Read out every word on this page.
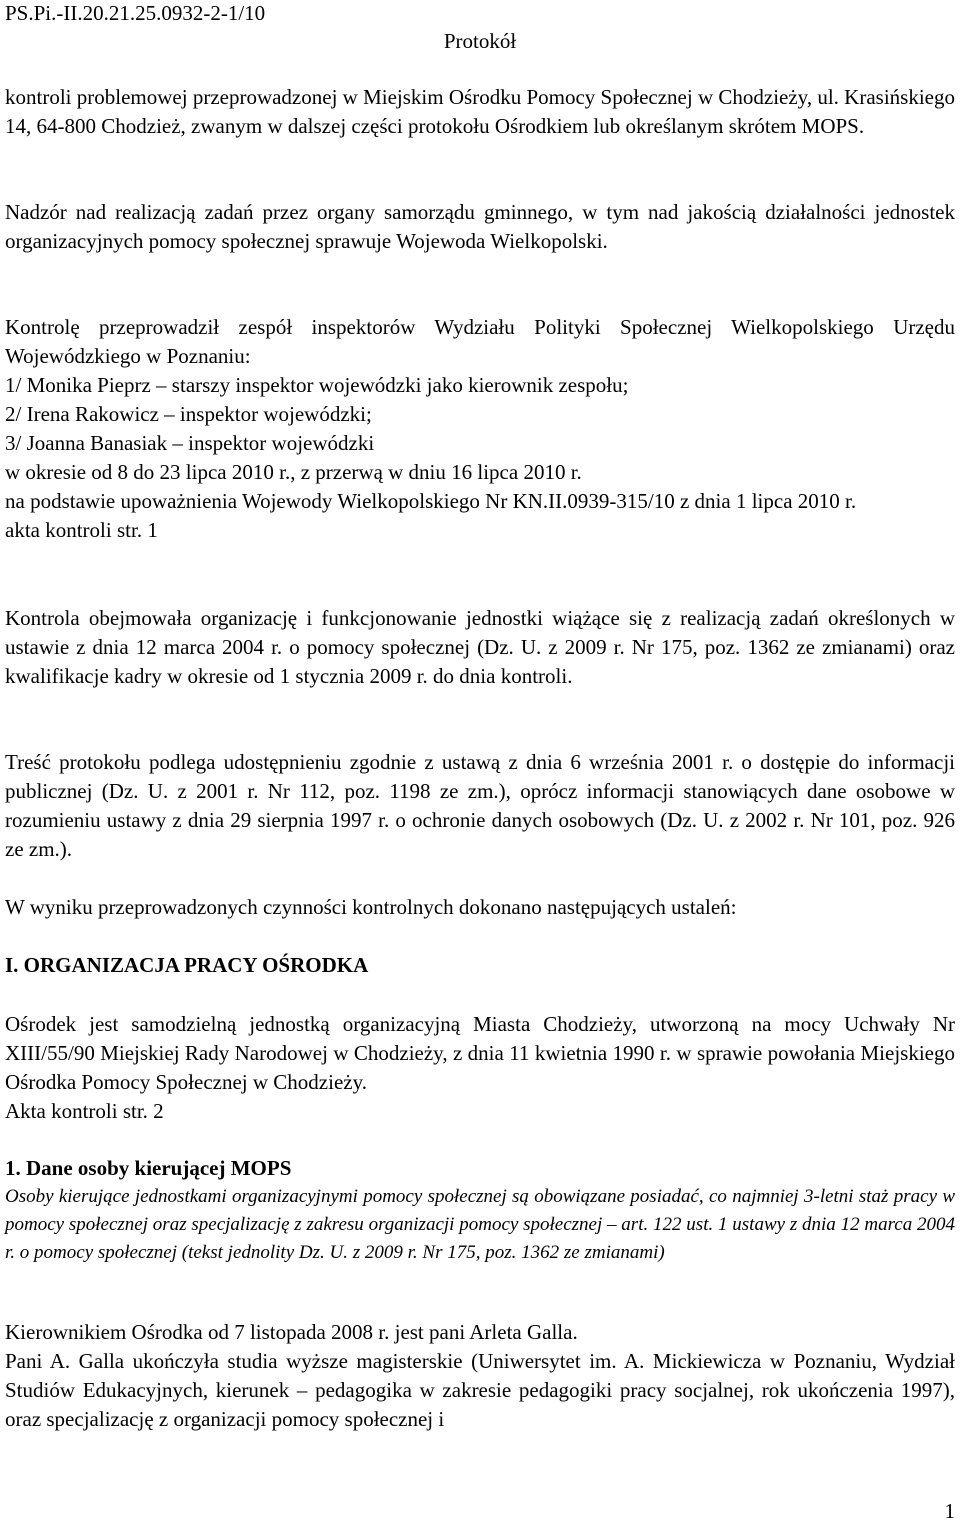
PS.Pi.-II.20.21.25.0932-2-1/10
Protokół
kontroli problemowej przeprowadzonej w Miejskim Ośrodku Pomocy Społecznej w Chodzieży, ul. Krasińskiego 14, 64-800 Chodzież, zwanym w dalszej części protokołu Ośrodkiem lub określanym skrótem MOPS.
Nadzór nad realizacją zadań przez organy samorządu gminnego, w tym nad jakością działalności jednostek organizacyjnych pomocy społecznej sprawuje Wojewoda Wielkopolski.
Kontrolę przeprowadził zespół inspektorów Wydziału Polityki Społecznej Wielkopolskiego Urzędu Wojewódzkiego w Poznaniu:
1/ Monika Pieprz – starszy inspektor wojewódzki jako kierownik zespołu;
2/ Irena Rakowicz – inspektor wojewódzki;
3/ Joanna Banasiak – inspektor wojewódzki
w okresie od 8 do 23 lipca 2010 r., z przerwą w dniu 16 lipca 2010 r.
na podstawie upoważnienia Wojewody Wielkopolskiego Nr KN.II.0939-315/10 z dnia 1 lipca 2010 r.
akta kontroli str. 1
Kontrola obejmowała organizację i funkcjonowanie jednostki wiążące się z realizacją zadań określonych w ustawie z dnia 12 marca 2004 r. o pomocy społecznej (Dz. U. z 2009 r. Nr 175, poz. 1362 ze zmianami) oraz kwalifikacje kadry w okresie od 1 stycznia 2009 r. do dnia kontroli.
Treść protokołu podlega udostępnieniu zgodnie z ustawą z dnia 6 września 2001 r. o dostępie do informacji publicznej (Dz. U. z 2001 r. Nr 112, poz. 1198 ze zm.), oprócz informacji stanowiących dane osobowe w rozumieniu ustawy z dnia 29 sierpnia 1997 r. o ochronie danych osobowych (Dz. U. z 2002 r. Nr 101, poz. 926 ze zm.).
W wyniku przeprowadzonych czynności kontrolnych dokonano następujących ustaleń:
I. ORGANIZACJA PRACY OŚRODKA
Ośrodek jest samodzielną jednostką organizacyjną Miasta Chodzieży, utworzoną na mocy Uchwały Nr XIII/55/90 Miejskiej Rady Narodowej w Chodzieży, z dnia 11 kwietnia 1990 r. w sprawie powołania Miejskiego Ośrodka Pomocy Społecznej w Chodzieży.
Akta kontroli str. 2
1. Dane osoby kierującej MOPS
Osoby kierujące jednostkami organizacyjnymi pomocy społecznej są obowiązane posiadać, co najmniej 3-letni staż pracy w pomocy społecznej oraz specjalizację z zakresu organizacji pomocy społecznej – art. 122 ust. 1 ustawy z dnia 12 marca 2004 r. o pomocy społecznej (tekst jednolity Dz. U. z 2009 r. Nr 175, poz. 1362 ze zmianami)
Kierownikiem Ośrodka od 7 listopada 2008 r. jest pani Arleta Galla.
Pani A. Galla ukończyła studia wyższe magisterskie (Uniwersytet im. A. Mickiewicza w Poznaniu, Wydział Studiów Edukacyjnych, kierunek – pedagogika w zakresie pedagogiki pracy socjalnej, rok ukończenia 1997), oraz specjalizację z organizacji pomocy społecznej i
1
